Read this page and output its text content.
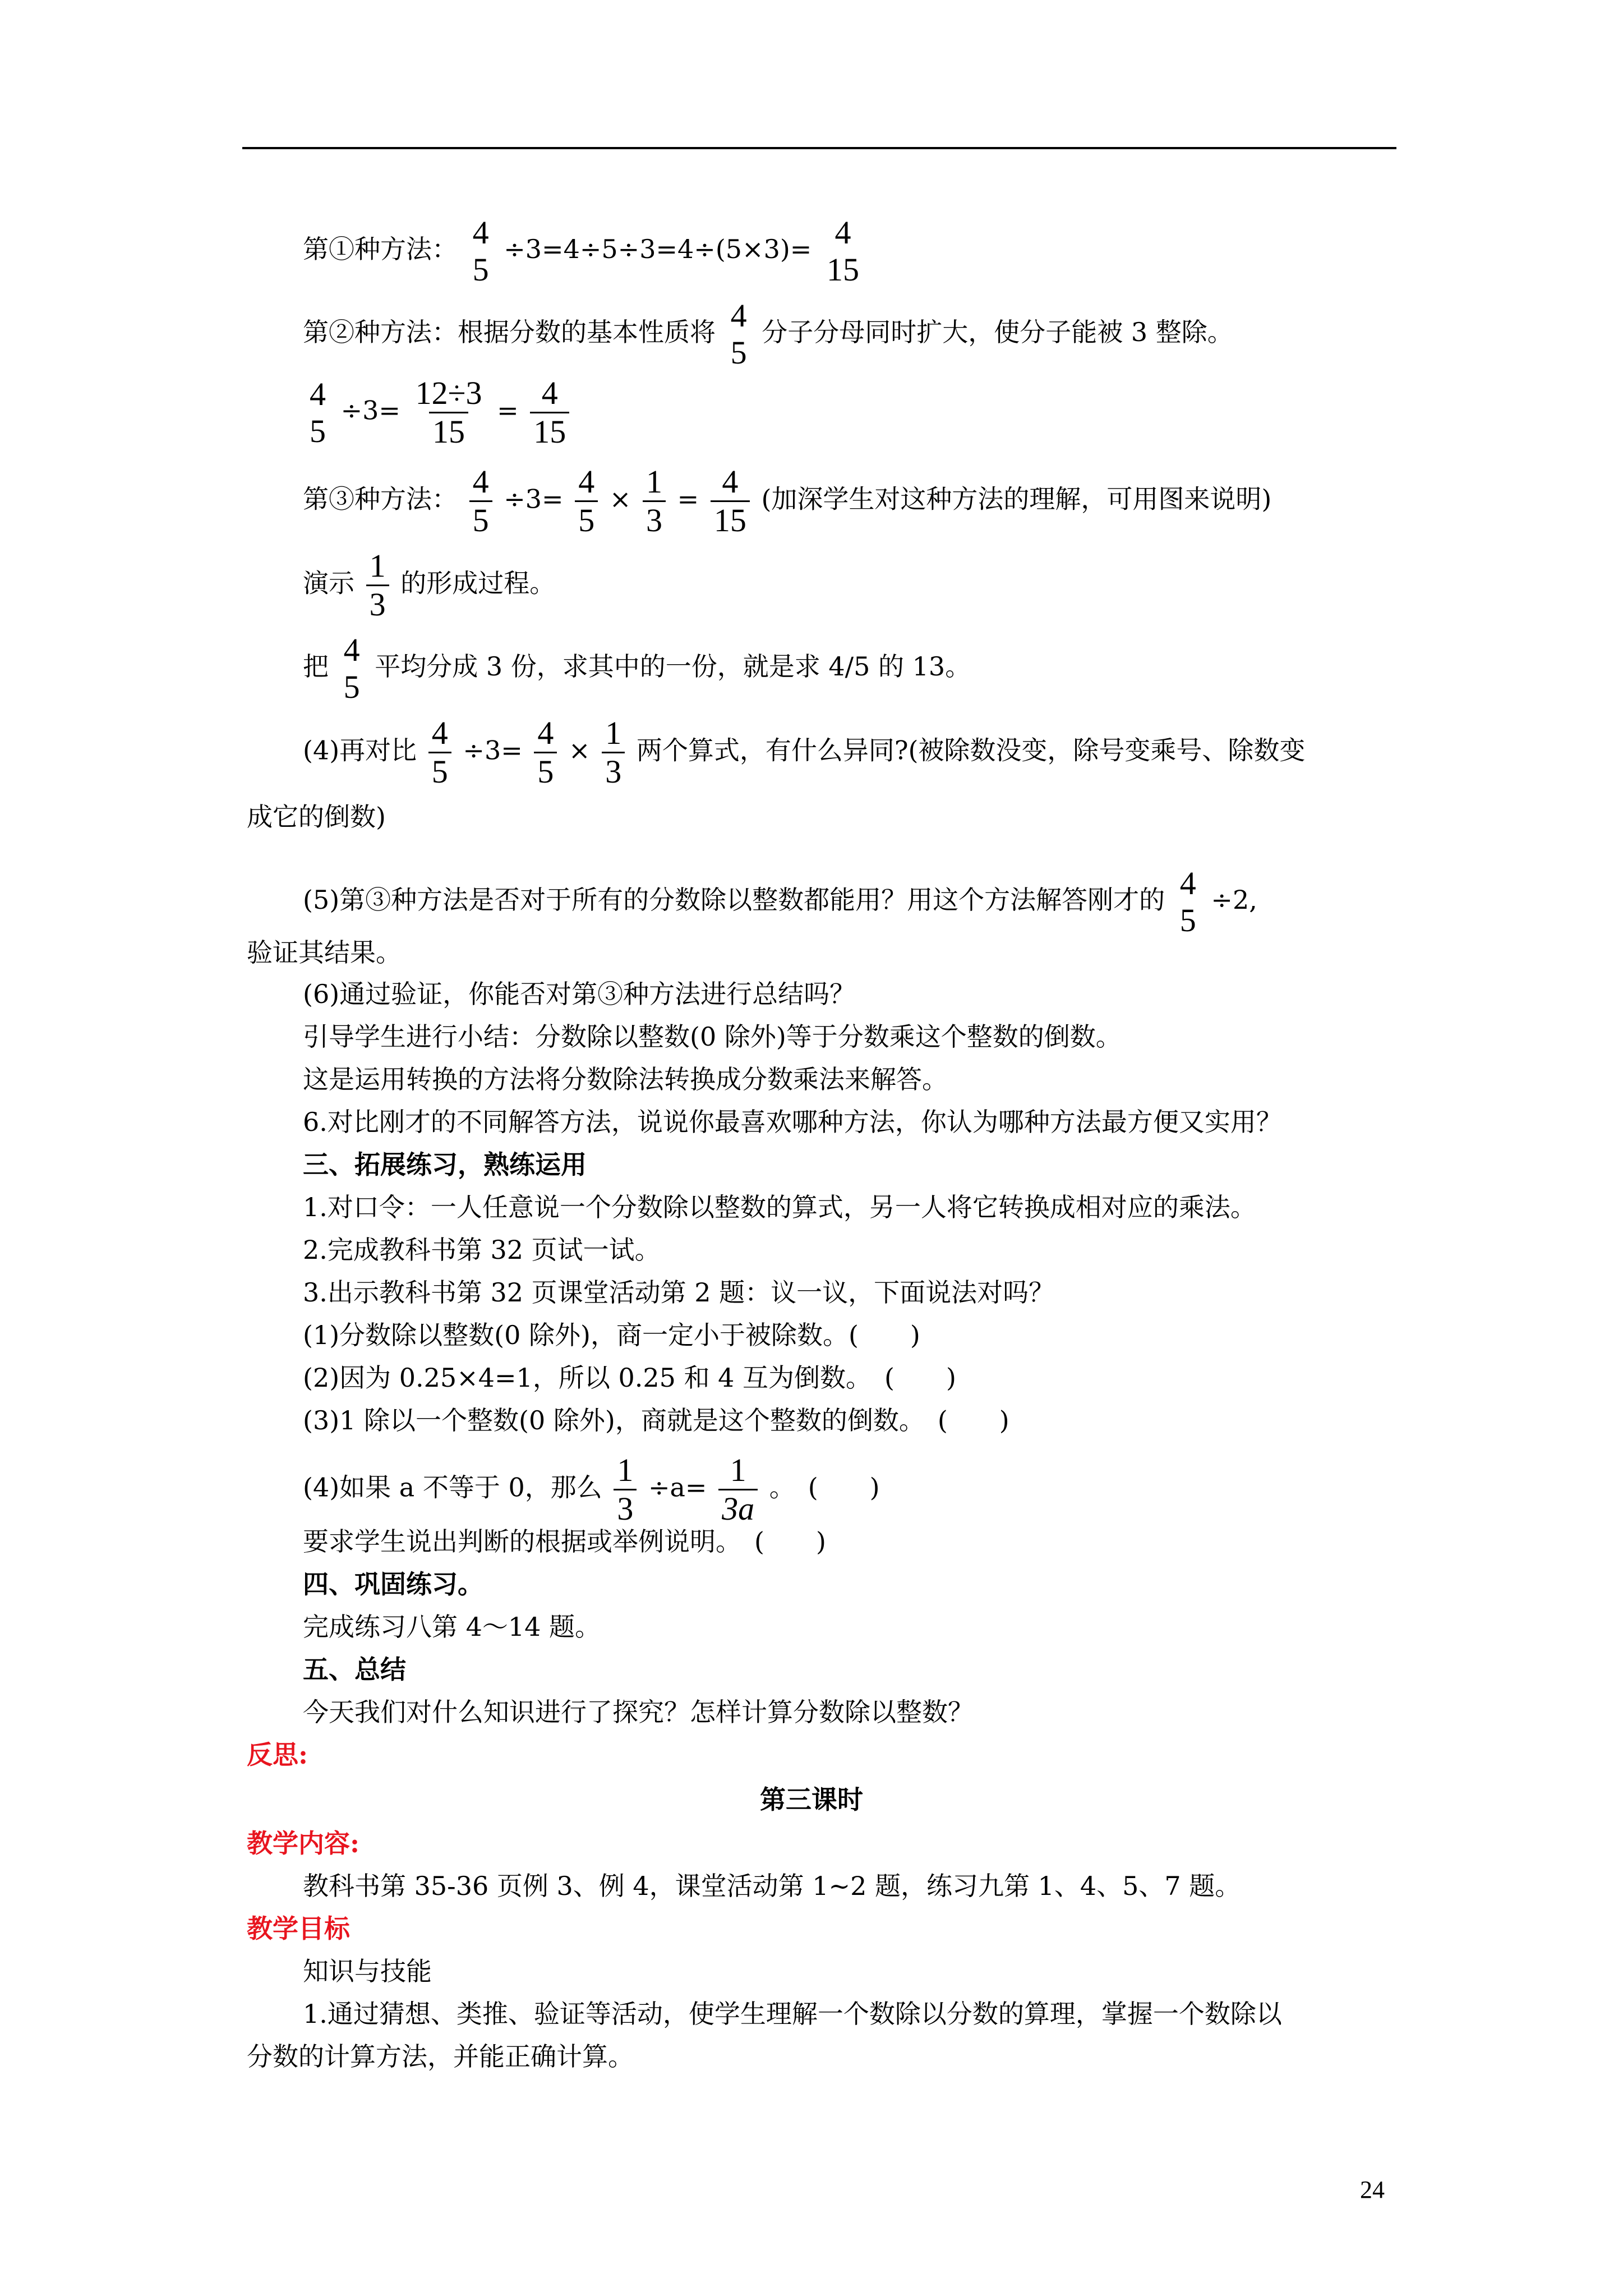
第①种方法： 4
5
÷3=4÷5÷3=4÷(5×3)= 4
15
第②种方法：根据分数的基本性质将 4
5
分子分母同时扩大，使分子能被 3 整除。
4
5
$\div 3= \frac{12\div 3}{15} = \frac{4}{15}$
第③种方法： $\frac{4}{5} \div 3= \frac{4}{5} \times \frac{1}{3} = \frac{4}{15}$ (加深学生对这种方法的理解，可用图来说明)
演示 $\frac{1}{3}$ 的形成过程。
把 4
5
平均分成 3 份，求其中的一份，就是求 4/5 的 13。
(4)再对比 $\frac{4}{5} \div 3= \frac{4}{5} \times \frac{1}{3}$ 两个算式，有什么异同?(被除数没变，除号变乘号、除数变
成它的倒数)
(5)第③种方法是否对于所有的分数除以整数都能用？用这个方法解答刚才的 4
5
÷2,
验证其结果。
(6)通过验证，你能否对第③种方法进行总结吗？
引导学生进行小结：分数除以整数(0 除外)等于分数乘这个整数的倒数。
这是运用转换的方法将分数除法转换成分数乘法来解答。
6.对比刚才的不同解答方法，说说你最喜欢哪种方法，你认为哪种方法最方便又实用？
三、拓展练习，熟练运用
1.对口令：一人任意说一个分数除以整数的算式，另一人将它转换成相对应的乘法。
2.完成教科书第 32 页试一试。
3.出示教科书第 32 页课堂活动第 2 题：议一议，下面说法对吗？
(1)分数除以整数(0 除外)，商一定小于被除数。(　　)
(2)因为 0.25×4=1，所以 0.25 和 4 互为倒数。　(　　)
(3)1 除以一个整数(0 除外)，商就是这个整数的倒数。　(　　)
(4)如果 a 不等于 0，那么 $\frac{1}{3} \div a= \frac{1}{3a}$ 。　(　　)
要求学生说出判断的根据或举例说明。　(　　)
四、巩固练习。
完成练习八第 4～14 题。
五、总结
今天我们对什么知识进行了探究？怎样计算分数除以整数？
反思:
第三课时
教学内容:
教科书第 35-36 页例 3、例 4，课堂活动第 1~2 题，练习九第 1、4、5、7 题。
教学目标
知识与技能
1.通过猜想、类推、验证等活动，使学生理解一个数除以分数的算理，掌握一个数除以
分数的计算方法，并能正确计算。
24
